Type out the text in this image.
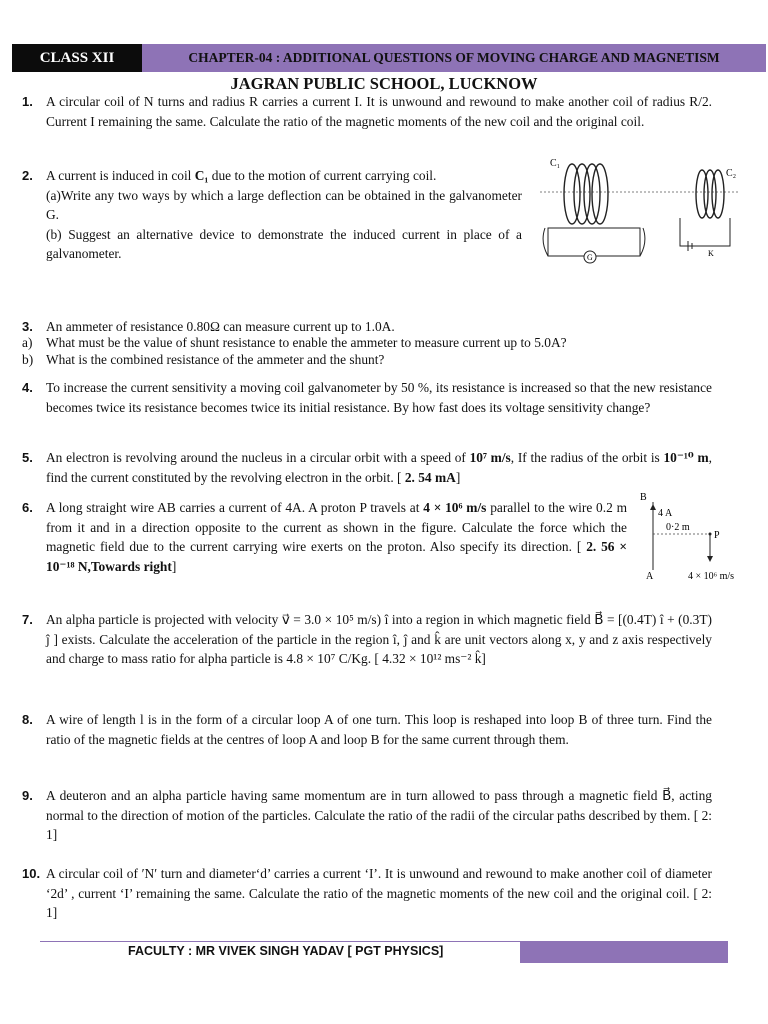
CLASS XII	CHAPTER-04 : ADDITIONAL QUESTIONS OF MOVING CHARGE AND MAGNETISM
JAGRAN PUBLIC SCHOOL, LUCKNOW
1. A circular coil of N turns and radius R carries a current I. It is unwound and rewound to make another coil of radius R/2. Current I remaining the same. Calculate the ratio of the magnetic moments of the new coil and the original coil.
2. A current is induced in coil C₁ due to the motion of current carrying coil.
(a)Write any two ways by which a large deflection can be obtained in the galvanometer G.
(b) Suggest an alternative device to demonstrate the induced current in place of a galvanometer.
C₁
G
C₂
K
3. An ammeter of resistance 0.80Ω can measure current up to 1.0A.
a) What must be the value of shunt resistance to enable the ammeter to measure current up to 5.0A?
b) What is the combined resistance of the ammeter and the shunt?
4. To increase the current sensitivity a moving coil galvanometer by 50 %, its resistance is increased so that the new resistance becomes twice its resistance becomes twice its initial resistance. By how fast does its voltage sensitivity change?
5. An electron is revolving around the nucleus in a circular orbit with a speed of 10⁷ m/s, If the radius of the orbit is 10⁻¹⁰ m, find the current constituted by the revolving electron in the orbit. [ 2. 54 mA]
6. A long straight wire AB carries a current of 4A. A proton P travels at 4 × 10⁶ m/s parallel to the wire 0.2 m from it and in a direction opposite to the current as shown in the figure. Calculate the force which the magnetic field due to the current carrying wire exerts on the proton. Also specify its direction. [ 2. 56 × 10⁻¹⁸ N,Towards right]
B
4 A
0·2 m
P
A	4 × 10⁶ m/s
7. An alpha particle is projected with velocity v⃗ = 3.0 × 10⁵ m/s) î into a region in which magnetic field B⃗ = [(0.4T) î + (0.3T) ĵ ] exists. Calculate the acceleration of the particle in the region î, ĵ and k̂ are unit vectors along x, y and z axis respectively and charge to mass ratio for alpha particle is 4.8 × 10⁷ C/Kg. [ 4.32 × 10¹² ms⁻² k̂]
8. A wire of length l is in the form of a circular loop A of one turn. This loop is reshaped into loop B of three turn. Find the ratio of the magnetic fields at the centres of loop A and loop B for the same current through them.
9. A deuteron and an alpha particle having same momentum are in turn allowed to pass through a magnetic field B⃗, acting normal to the direction of motion of the particles. Calculate the ratio of the radii of the circular paths described by them. [ 2: 1]
10. A circular coil of ′N′ turn and diameter‘d’ carries a current ‘I’. It is unwound and rewound to make another coil of diameter ‘2d’ , current ‘I’ remaining the same. Calculate the ratio of the magnetic moments of the new coil and the original coil. [ 2: 1]
FACULTY : MR VIVEK SINGH YADAV [ PGT PHYSICS]
